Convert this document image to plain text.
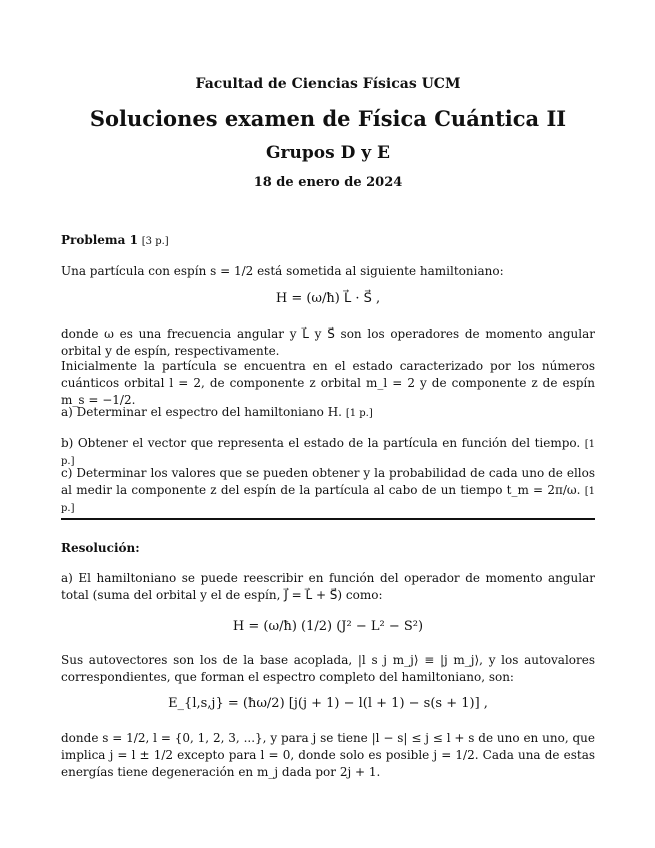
Facultad de Ciencias Físicas UCM
Soluciones examen de Física Cuántica II
Grupos D y E
18 de enero de 2024
Problema 1 [3 p.]
Una partícula con espín s = 1/2 está sometida al siguiente hamiltoniano:
H = (ω/ħ) L⃗ · S⃗ ,
donde ω es una frecuencia angular y L⃗ y S⃗ son los operadores de momento angular orbital y de espín, respectivamente.
Inicialmente la partícula se encuentra en el estado caracterizado por los números cuánticos orbital l = 2, de componente z orbital m_l = 2 y de componente z de espín m_s = −1/2.
a) Determinar el espectro del hamiltoniano H. [1 p.]
b) Obtener el vector que representa el estado de la partícula en función del tiempo. [1 p.]
c) Determinar los valores que se pueden obtener y la probabilidad de cada uno de ellos al medir la componente z del espín de la partícula al cabo de un tiempo t_m = 2π/ω. [1 p.]
Resolución:
a) El hamiltoniano se puede reescribir en función del operador de momento angular total (suma del orbital y el de espín, J⃗ = L⃗ + S⃗) como:
H = (ω/ħ) (1/2) (J² − L² − S²)
Sus autovectores son los de la base acoplada, |l s j m_j⟩ ≡ |j m_j⟩, y los autovalores correspondientes, que forman el espectro completo del hamiltoniano, son:
E_{l,s,j} = (ħω/2) [j(j + 1) − l(l + 1) − s(s + 1)] ,
donde s = 1/2, l = {0, 1, 2, 3, ...}, y para j se tiene |l − s| ≤ j ≤ l + s de uno en uno, que implica j = l ± 1/2 excepto para l = 0, donde solo es posible j = 1/2. Cada una de estas energías tiene degeneración en m_j dada por 2j + 1.
